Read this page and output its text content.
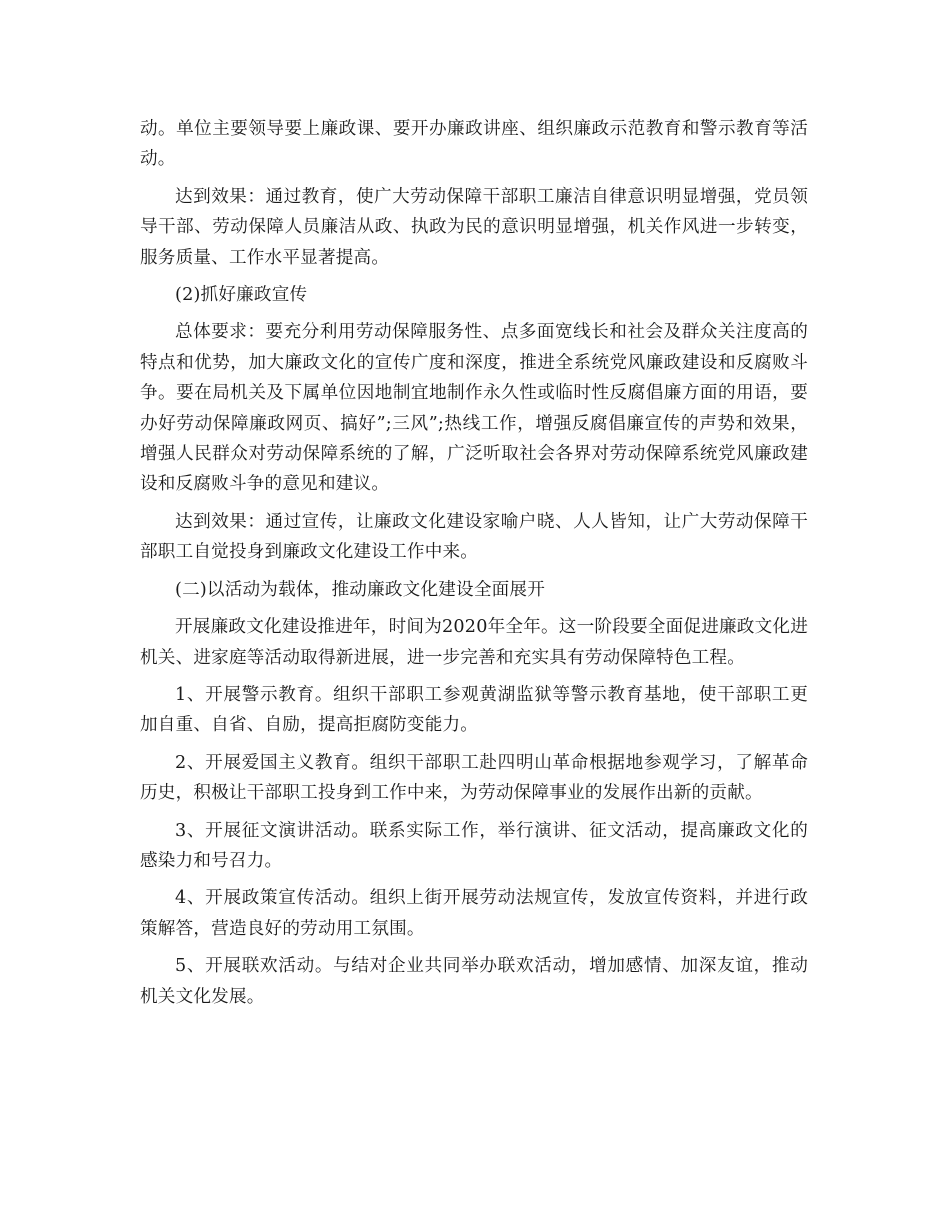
动。单位主要领导要上廉政课、要开办廉政讲座、组织廉政示范教育和警示教育等活动。

达到效果：通过教育，使广大劳动保障干部职工廉洁自律意识明显增强，党员领导干部、劳动保障人员廉洁从政、执政为民的意识明显增强，机关作风进一步转变，服务质量、工作水平显著提高。

(2)抓好廉政宣传

总体要求：要充分利用劳动保障服务性、点多面宽线长和社会及群众关注度高的特点和优势，加大廉政文化的宣传广度和深度，推进全系统党风廉政建设和反腐败斗争。要在局机关及下属单位因地制宜地制作永久性或临时性反腐倡廉方面的用语，要办好劳动保障廉政网页、搞好”;三风”;热线工作，增强反腐倡廉宣传的声势和效果，增强人民群众对劳动保障系统的了解，广泛听取社会各界对劳动保障系统党风廉政建设和反腐败斗争的意见和建议。

达到效果：通过宣传，让廉政文化建设家喻户晓、人人皆知，让广大劳动保障干部职工自觉投身到廉政文化建设工作中来。

(二)以活动为载体，推动廉政文化建设全面展开

开展廉政文化建设推进年，时间为2020年全年。这一阶段要全面促进廉政文化进机关、进家庭等活动取得新进展，进一步完善和充实具有劳动保障特色工程。

1、开展警示教育。组织干部职工参观黄湖监狱等警示教育基地，使干部职工更加自重、自省、自励，提高拒腐防变能力。

2、开展爱国主义教育。组织干部职工赴四明山革命根据地参观学习，了解革命历史，积极让干部职工投身到工作中来，为劳动保障事业的发展作出新的贡献。

3、开展征文演讲活动。联系实际工作，举行演讲、征文活动，提高廉政文化的感染力和号召力。

4、开展政策宣传活动。组织上街开展劳动法规宣传，发放宣传资料，并进行政策解答，营造良好的劳动用工氛围。

5、开展联欢活动。与结对企业共同举办联欢活动，增加感情、加深友谊，推动机关文化发展。
